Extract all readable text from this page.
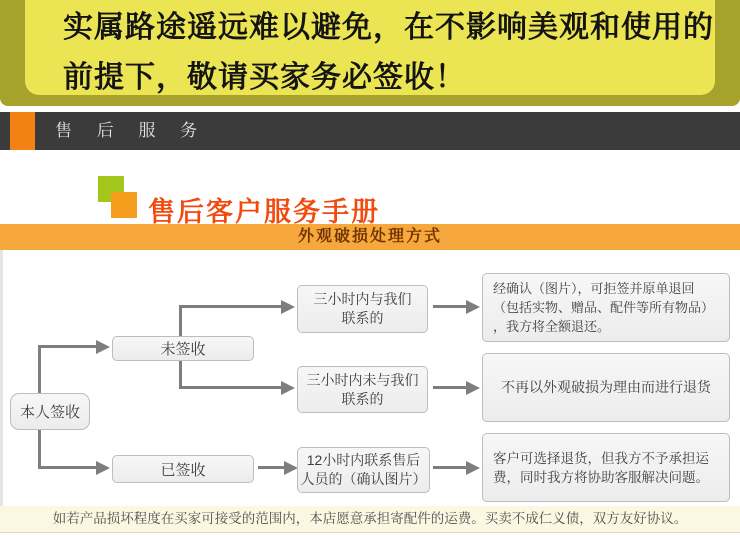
实属路途遥远难以避免，在不影响美观和使用的
前提下，敬请买家务必签收！
售 后 服 务
售后客户服务手册
外观破损处理方式
本人签收
未签收
已签收
三小时内与我们
联系的
三小时内未与我们
联系的
12小时内联系售后
人员的（确认图片）
经确认（图片），可拒签并原单退回
（包括实物、赠品、配件等所有物品）
，我方将全额退还。
不再以外观破损为理由而进行退货
客户可选择退货，但我方不予承担运
费，同时我方将协助客服解决问题。
如若产品损坏程度在买家可接受的范围内，本店愿意承担寄配件的运费。买卖不成仁义债，双方友好协议。
